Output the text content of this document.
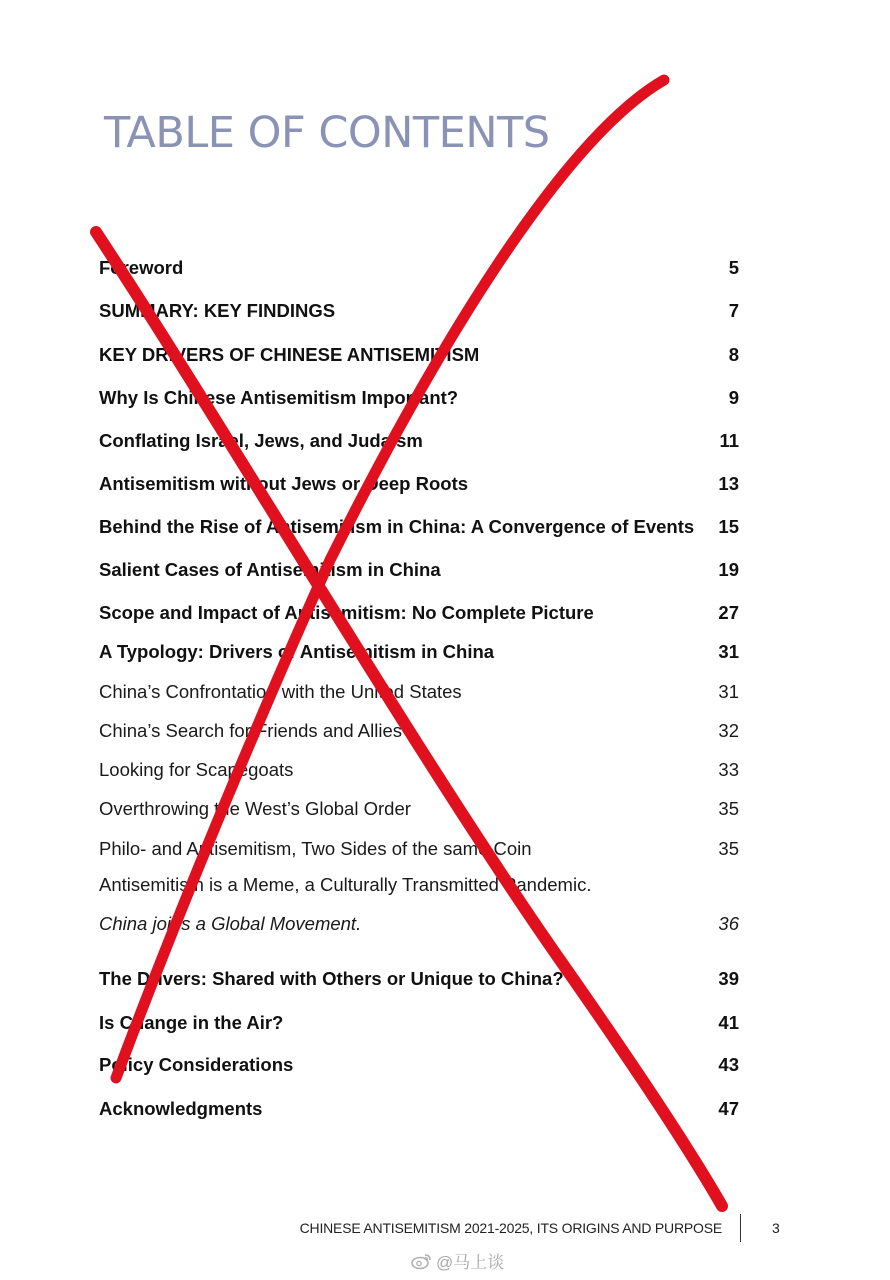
TABLE OF CONTENTS
Foreword	5
SUMMARY: KEY FINDINGS	7
KEY DRIVERS OF CHINESE ANTISEMITISM	8
Why Is Chinese Antisemitism Important?	9
Conflating Israel, Jews, and Judaism	11
Antisemitism without Jews or Deep Roots	13
Behind the Rise of Antisemitism in China: A Convergence of Events 15
Salient Cases of Antisemitism in China	19
Scope and Impact of Antisemitism: No Complete Picture	27
A Typology: Drivers of Antisemitism in China	31
China’s Confrontation with the United States	31
China’s Search for Friends and Allies	32
Looking for Scapegoats	33
Overthrowing the West’s Global Order	35
Philo- and Antisemitism, Two Sides of the same Coin	35
Antisemitism is a Meme, a Culturally Transmitted Pandemic.
China joins a Global Movement.	36
The Drivers: Shared with Others or Unique to China?	39
Is Change in the Air?	41
Policy Considerations	43
Acknowledgments	47
CHINESE ANTISEMITISM 2021-2025, ITS ORIGINS AND PURPOSE	3
@马上谈
